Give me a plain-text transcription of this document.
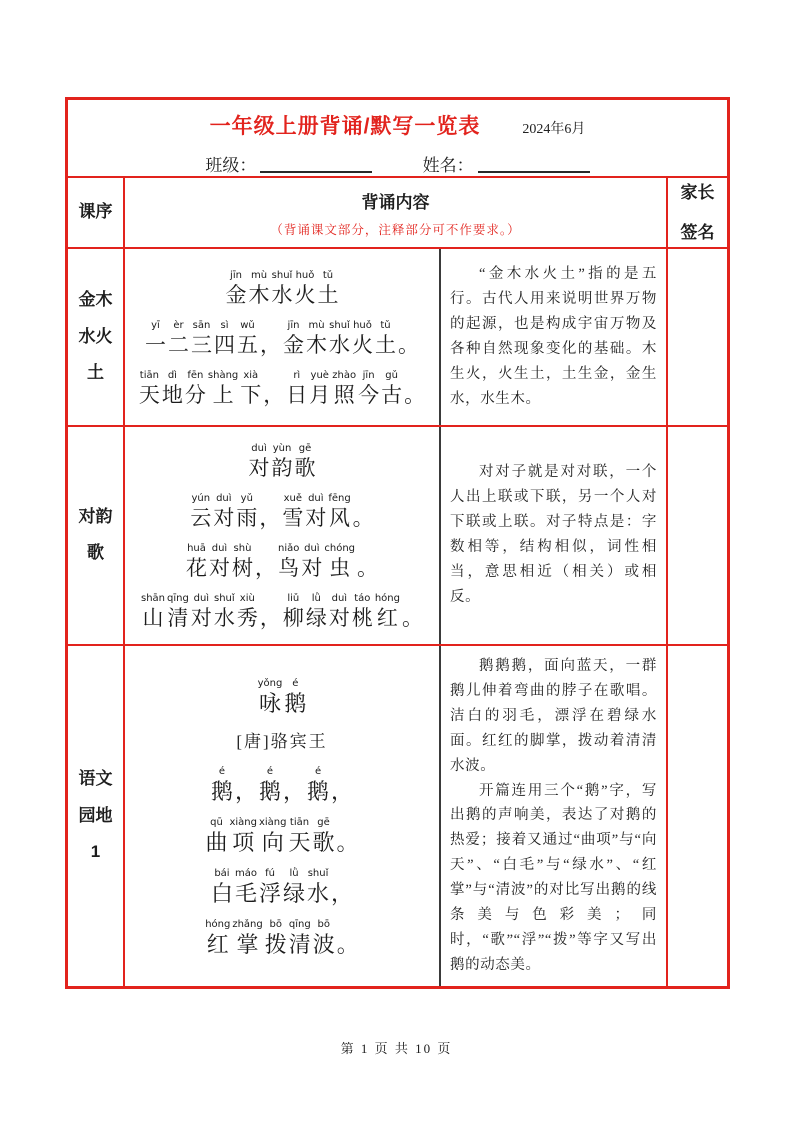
一年级上册背诵/默写一览表	2024年6月
班级：	姓名：
课序
背诵内容
（背诵课文部分，注释部分可不作要求。）
家长
签名
金木
水火
土
jīn
金
mù
木
shuǐ
水
huǒ
火
tǔ
土
yī
一
èr
二
sān
三
sì
四
wǔ
五
，
jīn
金
mù
木
shuǐ
水
huǒ
火
tǔ
土
。
tiān
天
dì
地
fēn
分
shàng
上
xià
下
，
rì
日
yuè
月
zhào
照
jīn
今
gǔ
古
。

“金木水火土”指的是五行。古代人用来说明世界万物的起源，也是构成宇宙万物及各种自然现象变化的基础。木生火，火生土，土生金，金生水，水生木。

对韵
歌
duì
对
yùn
韵
gē
歌
yún
云
duì
对
yǔ
雨
，
xuě
雪
duì
对
fēng
风
。
huā
花
duì
对
shù
树
，
niǎo
鸟
duì
对
chóng
虫
。
shān
山
qīng
清
duì
对
shuǐ
水
xiù
秀
，
liǔ
柳
lǜ
绿
duì
对
táo
桃
hóng
红
。

对对子就是对对联，一个人出上联或下联，另一个人对下联或上联。对子特点是：字数相等，结构相似，词性相当，意思相近（相关）或相反。

语文
园地
1
yǒng
咏
é
鹅
[唐]骆宾王
é
鹅
，
é
鹅
，
é
鹅
，
qū
曲
xiàng
项
xiàng
向
tiān
天
gē
歌
。
bái
白
máo
毛
fú
浮
lǜ
绿
shuǐ
水
，
hóng
红
zhǎng
掌
bō
拨
qīng
清
bō
波
。

鹅鹅鹅，面向蓝天，一群鹅儿伸着弯曲的脖子在歌唱。洁白的羽毛，漂浮在碧绿水面。红红的脚掌，拨动着清清水波。

开篇连用三个“鹅”字，写出鹅的声响美，表达了对鹅的热爱；接着又通过“曲项”与“向天”、“白毛”与“绿水”、“红掌”与“清波”的对比写出鹅的线条美与色彩美；同时，“歌”“浮”“拨”等字又写出鹅的动态美。

第 1 页 共 10 页
